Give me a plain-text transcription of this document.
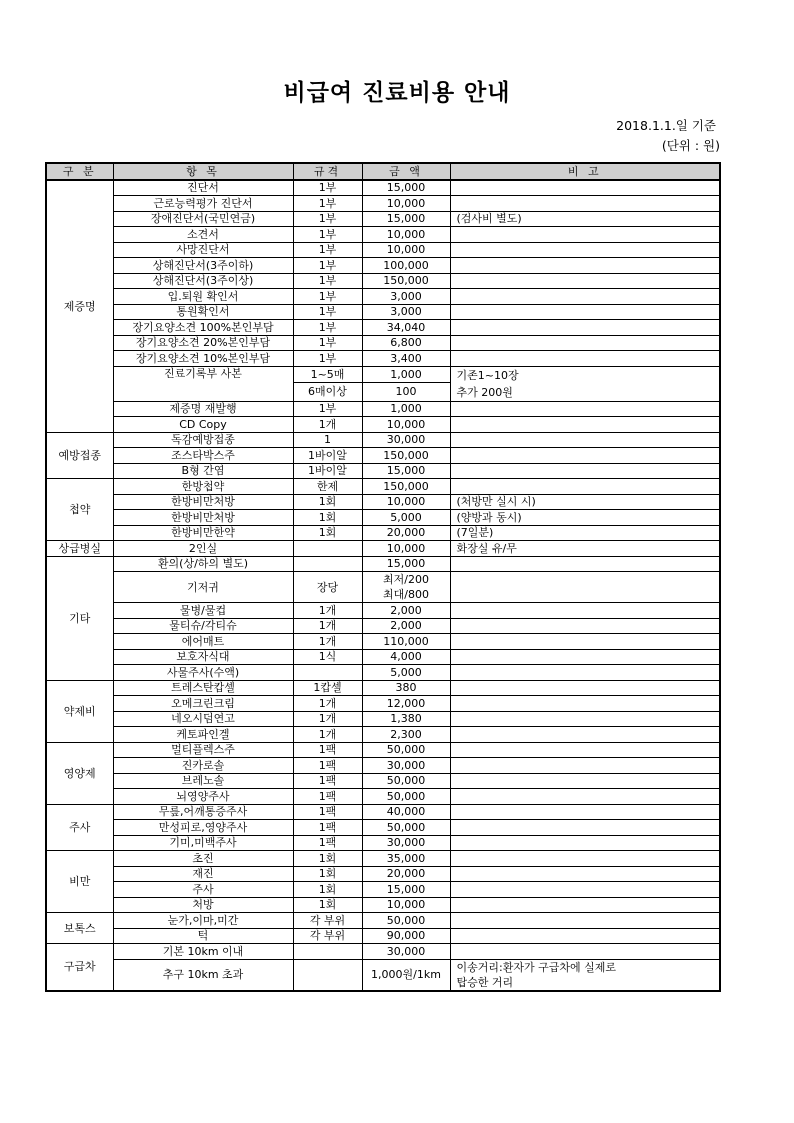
비급여 진료비용 안내
2018.1.1.일 기준
(단위 : 원)
구 분	항 목	규격	금 액	비 고
제증명	진단서	1부	15,000	
	근로능력평가 진단서	1부	10,000	
	장애진단서(국민연금)	1부	15,000	(검사비 별도)
	소견서	1부	10,000	
	사망진단서	1부	10,000	
	상해진단서(3주이하)	1부	100,000	
	상해진단서(3주이상)	1부	150,000	
	입.퇴원 확인서	1부	3,000	
	통원확인서	1부	3,000	
	장기요양소견 100%본인부담	1부	34,040	
	장기요양소견 20%본인부담	1부	6,800	
	장기요양소견 10%본인부담	1부	3,400	
	진료기록부 사본	1~5매	1,000	기존1~10장
추가 200원

		6매이상	100	
	제증명 재발행	1부	1,000	
	CD Copy	1개	10,000	
예방접종	독감예방접종	1	30,000	
	조스타박스주	1바이알	150,000	
	B형 간염	1바이알	15,000	
첩약	한방첩약	한제	150,000	
	한방비만처방	1회	10,000	(처방만 실시 시)
	한방비만처방	1회	5,000	(양방과 동시)
	한방비만한약	1회	20,000	(7일분)
상급병실	2인실		10,000	화장실 유/무
기타	환의(상/하의 별도)		15,000	
	기저귀	장당	최저/200
최대/800	

	물병/물컵	1개	2,000	
	물티슈/각티슈	1개	2,000	
	에어매트	1개	110,000	
	보호자식대	1식	4,000	
	사물주사(수액)		5,000	
약제비	트레스탄캅셀	1캅셀	380	
	오메크린크림	1개	12,000	
	네오시덤연고	1개	1,380	
	케토파인겔	1개	2,300	
영양제	멀티플렉스주	1팩	50,000	
	진카로솔	1팩	30,000	
	브레노솔	1팩	50,000	
	뇌영양주사	1팩	50,000	
주사	무릎,어깨통증주사	1팩	40,000	
	만성피로,영양주사	1팩	50,000	
	기미,미백주사	1팩	30,000	
비만	초진	1회	35,000	
	재진	1회	20,000	
	주사	1회	15,000	
	처방	1회	10,000	
보톡스	눈가,이마,미간	각 부위	50,000	
	턱	각 부위	90,000	
구급차	기본 10km 이내		30,000	
	추구 10km 초과		1,000원/1km	이송거리:환자가 구급차에 실제로
탑승한 거리
